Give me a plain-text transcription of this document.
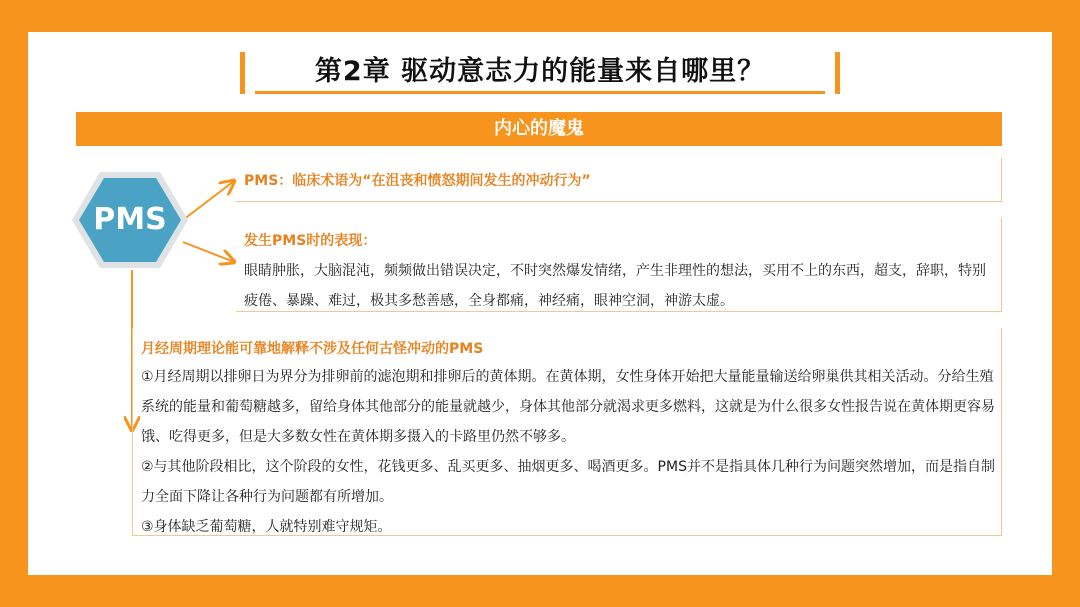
第2章 驱动意志力的能量来自哪里？
内心的魔鬼
PMS
PMS：临床术语为“在沮丧和愤怒期间发生的冲动行为”
发生PMS时的表现：
眼睛肿胀，大脑混沌，频频做出错误决定，不时突然爆发情绪，产生非理性的想法，买用不上的东西，超支，辞职，特别疲倦、暴躁、难过，极其多愁善感，全身都痛，神经痛，眼神空洞，神游太虚。
月经周期理论能可靠地解释不涉及任何古怪冲动的PMS

①月经周期以排卵日为界分为排卵前的滤泡期和排卵后的黄体期。在黄体期，女性身体开始把大量能量输送给卵巢供其相关活动。分给生殖系统的能量和葡萄糖越多，留给身体其他部分的能量就越少，身体其他部分就渴求更多燃料，这就是为什么很多女性报告说在黄体期更容易饿、吃得更多，但是大多数女性在黄体期多摄入的卡路里仍然不够多。

②与其他阶段相比，这个阶段的女性，花钱更多、乱买更多、抽烟更多、喝酒更多。PMS并不是指具体几种行为问题突然增加，而是指自制力全面下降让各种行为问题都有所增加。

③身体缺乏葡萄糖，人就特别难守规矩。
